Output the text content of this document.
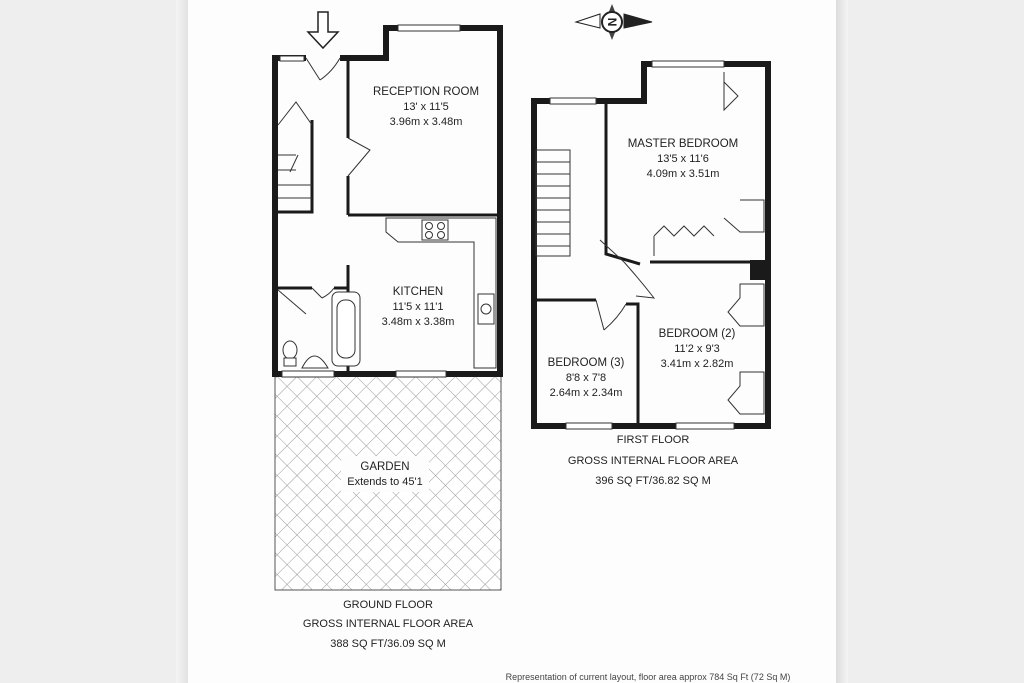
N
RECEPTION ROOM
13' x 11'5
3.96m x 3.48m
KITCHEN
11'5 x 11'1
3.48m x 3.38m
GARDEN
Extends to 45'1
GROUND FLOOR
GROSS INTERNAL FLOOR AREA
388 SQ FT/36.09 SQ M
MASTER BEDROOM
13'5 x 11'6
4.09m x 3.51m
BEDROOM (2)
11'2 x 9'3
3.41m x 2.82m
BEDROOM (3)
8'8 x 7'8
2.64m x 2.34m
FIRST FLOOR
GROSS INTERNAL FLOOR AREA
396 SQ FT/36.82 SQ M
Representation of current layout, floor area approx 784 Sq Ft (72 Sq M)
